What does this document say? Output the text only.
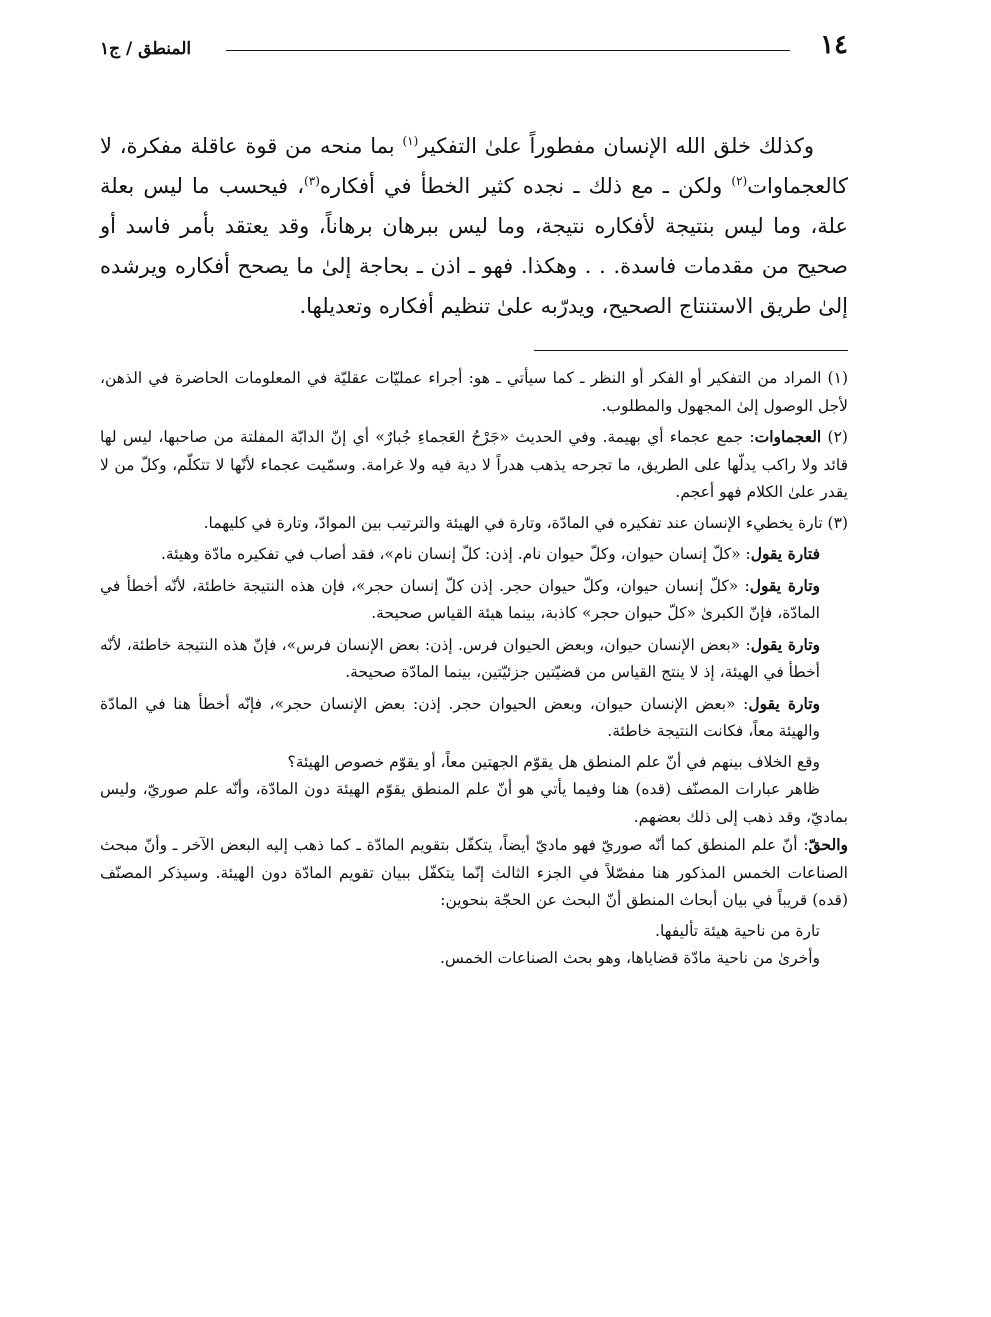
١٤
المنطق / ج١

وكذلك خلق الله الإنسان مفطوراً علىٰ التفكير$^{(١)}$ بما منحه من قوة عاقلة مفكرة، لا كالعجماوات$^{(٢)}$ ولكن ـ مع ذلك ـ نجده كثير الخطأ في أفكاره$^{(٣)}$، فيحسب ما ليس بعلة علة، وما ليس بنتيجة لأفكاره نتيجة، وما ليس ببرهان برهاناً، وقد يعتقد بأمر فاسد أو صحيح من مقدمات فاسدة. . . وهكذا. فهو ـ اذن ـ بحاجة إلىٰ ما يصحح أفكاره ويرشده إلىٰ طريق الاستنتاج الصحيح، ويدرّبه علىٰ تنظيم أفكاره وتعديلها.

(١) المراد من التفكير أو الفكر أو النظر ـ كما سيأتي ـ هو: أجراء عمليّات عقليّة في المعلومات الحاضرة في الذهن، لأجل الوصول إلىٰ المجهول والمطلوب.

(٢) العجماوات: جمع عجماء أي بهيمة. وفي الحديث «جَرْحُ العَجماءِ جُبارٌ» أي إنّ الدابّة المفلتة من صاحبها، ليس لها قائد ولا راكب يدلّها على الطريق، ما تجرحه يذهب هدراً لا دية فيه ولا غرامة. وسمّيت عجماء لأنّها لا تتكلّم، وكلّ من لا يقدر علىٰ الكلام فهو أعجم.

(٣) تارة يخطيء الإنسان عند تفكيره في المادّة، وتارة في الهيئة والترتيب بين الموادّ، وتارة في كليهما.

فتارة يقول: «كلّ إنسان حيوان، وكلّ حيوان نام. إذن: كلّ إنسان نام»، فقد أصاب في تفكيره مادّة وهيئة.

وتارة يقول: «كلّ إنسان حيوان، وكلّ حيوان حجر. إذن كلّ إنسان حجر»، فإن هذه النتيجة خاطئة، لأنّه أخطأ في المادّة، فإنّ الكبرىٰ «كلّ حيوان حجر» كاذبة، بينما هيئة القياس صحيحة.

وتارة يقول: «بعض الإنسان حيوان، وبعض الحيوان فرس. إذن: بعض الإنسان فرس»، فإنّ هذه النتيجة خاطئة، لأنّه أخطأ في الهيئة، إذ لا ينتج القياس من قضيّتين جزئيّتين، بينما المادّة صحيحة.

وتارة يقول: «بعض الإنسان حيوان، وبعض الحيوان حجر. إذن: بعض الإنسان حجر»، فإنّه أخطأ هنا في المادّة والهيئة معاً، فكانت النتيجة خاطئة.

وقع الخلاف بينهم في أنّ علم المنطق هل يقوّم الجهتين معاً، أو يقوّم خصوص الهيئة؟

ظاهر عبارات المصنّف (قده) هنا وفيما يأتي هو أنّ علم المنطق يقوّم الهيئة دون المادّة، وأنّه علم صوريّ، وليس بماديّ، وقد ذهب إلى ذلك بعضهم.

والحقّ: أنّ علم المنطق كما أنّه صوريّ فهو ماديّ أيضاً، يتكفّل بتقويم المادّة ـ كما ذهب إليه البعض الآخر ـ وأنّ مبحث الصناعات الخمس المذكور هنا مفصّلاً في الجزء الثالث إنّما يتكفّل ببيان تقويم المادّة دون الهيئة. وسيذكر المصنّف (قده) قريباً في بيان أبحاث المنطق أنّ البحث عن الحجّة بنحوين:

تارة من ناحية هيئة تأليفها.

وأخرىٰ من ناحية مادّة قضاياها، وهو بحث الصناعات الخمس.
